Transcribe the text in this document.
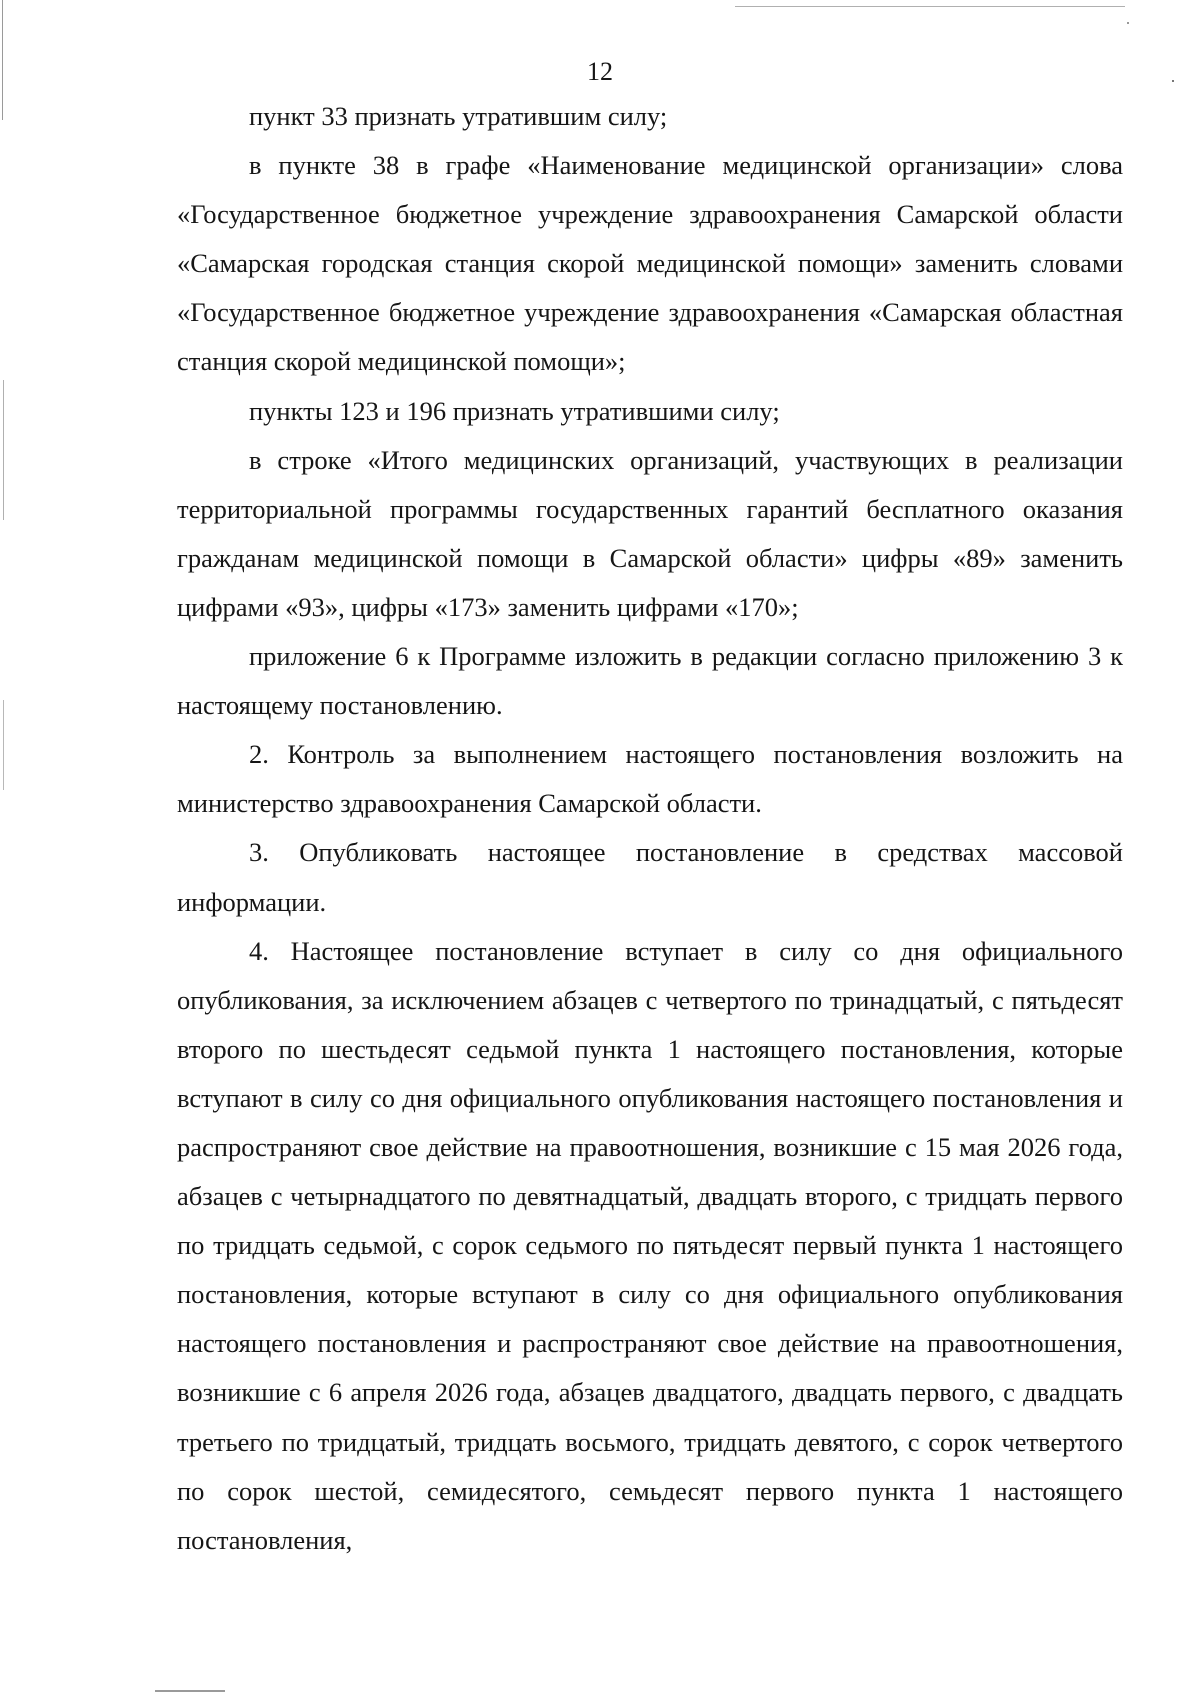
12

пункт 33 признать утратившим силу;

в пункте 38 в графе «Наименование медицинской организации» слова «Государственное бюджетное учреждение здравоохранения Самарской области «Самарская городская станция скорой медицинской помощи» заменить словами «Государственное бюджетное учреждение здравоохранения «Самарская областная станция скорой медицинской помощи»;

пункты 123 и 196 признать утратившими силу;

в строке «Итого медицинских организаций, участвующих в реализации территориальной программы государственных гарантий бесплатного оказания гражданам медицинской помощи в Самарской области» цифры «89» заменить цифрами «93», цифры «173» заменить цифрами «170»;

приложение 6 к Программе изложить в редакции согласно приложению 3 к настоящему постановлению.

2. Контроль за выполнением настоящего постановления возложить на министерство здравоохранения Самарской области.

3. Опубликовать настоящее постановление в средствах массовой информации.

4. Настоящее постановление вступает в силу со дня официального опубликования, за исключением абзацев с четвертого по тринадцатый, с пятьдесят второго по шестьдесят седьмой пункта 1 настоящего постановления, которые вступают в силу со дня официального опубликования настоящего постановления и распространяют свое действие на правоотношения, возникшие с 15 мая 2026 года, абзацев с четырнадцатого по девятнадцатый, двадцать второго, с тридцать первого по тридцать седьмой, с сорок седьмого по пятьдесят первый пункта 1 настоящего постановления, которые вступают в силу со дня официального опубликования настоящего постановления и распространяют свое действие на правоотношения, возникшие с 6 апреля 2026 года, абзацев двадцатого, двадцать первого, с двадцать третьего по тридцатый, тридцать восьмого, тридцать девятого, с сорок четвертого по сорок шестой, семидесятого, семьдесят первого пункта 1 настоящего постановления,
